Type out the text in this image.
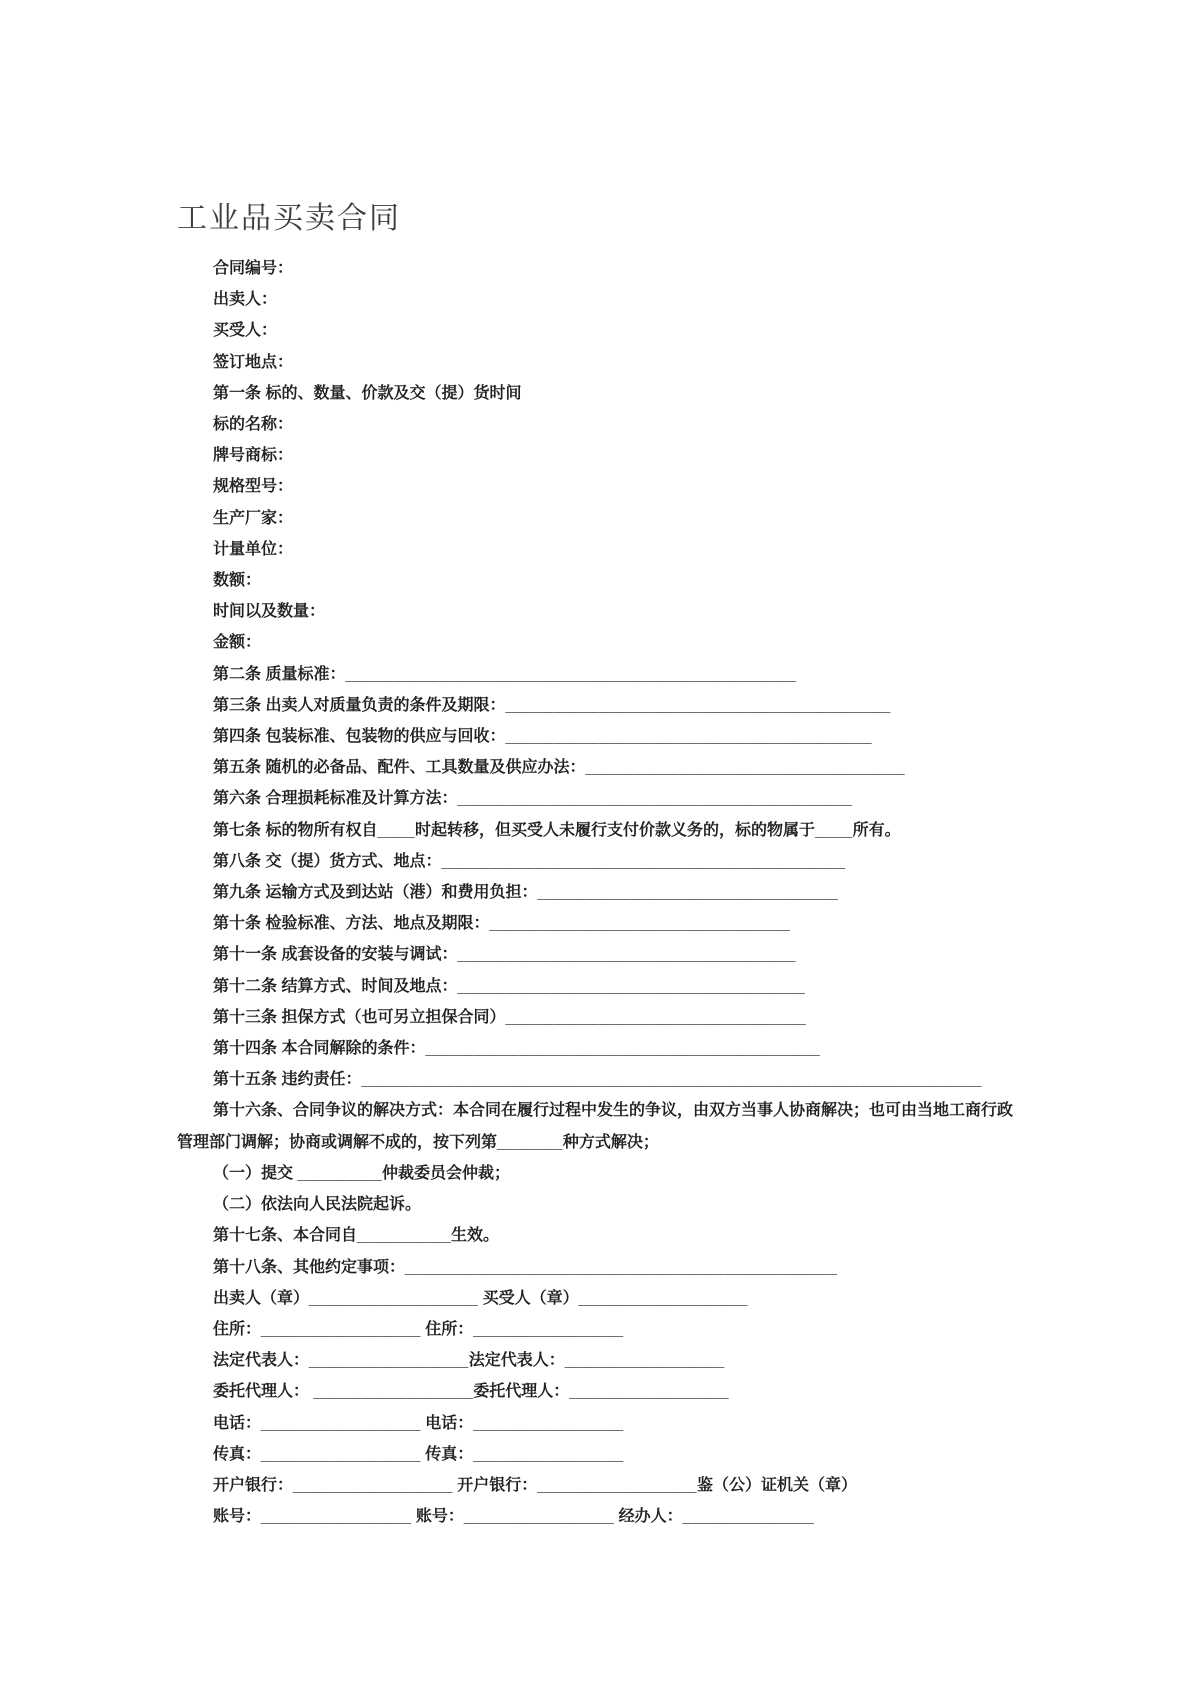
工业品买卖合同
合同编号：
出卖人：
买受人：
签订地点：
第一条 标的、数量、价款及交（提）货时间
标的名称：
牌号商标：
规格型号：
生产厂家：
计量单位：
数额：
时间以及数量：
金额：
第二条 质量标准：________________________________________________
第三条 出卖人对质量负责的条件及期限：_________________________________________
第四条 包装标准、包装物的供应与回收：_______________________________________
第五条 随机的必备品、配件、工具数量及供应办法：__________________________________
第六条 合理损耗标准及计算方法：__________________________________________
第七条 标的物所有权自____时起转移，但买受人未履行支付价款义务的，标的物属于____所有。
第八条 交（提）货方式、地点：___________________________________________
第九条 运输方式及到达站（港）和费用负担：________________________________
第十条 检验标准、方法、地点及期限：________________________________
第十一条 成套设备的安装与调试：____________________________________
第十二条 结算方式、时间及地点：_____________________________________
第十三条 担保方式（也可另立担保合同）________________________________
第十四条 本合同解除的条件：__________________________________________
第十五条 违约责任：__________________________________________________________________
第十六条、合同争议的解决方式：本合同在履行过程中发生的争议，由双方当事人协商解决；也可由当地工商行政
管理部门调解；协商或调解不成的，按下列第_______种方式解决；
（一）提交 _________仲裁委员会仲裁；
（二）依法向人民法院起诉。
第十七条、本合同自__________生效。
第十八条、其他约定事项：______________________________________________
出卖人（章）__________________ 买受人（章）__________________
住所：_________________ 住所：________________
法定代表人：_________________法定代表人：_________________
委托代理人： _________________委托代理人：_________________
电话：_________________ 电话：________________
传真：_________________ 传真：________________
开户银行：_________________ 开户银行：_________________鉴（公）证机关（章）
账号：________________ 账号：________________ 经办人：______________
